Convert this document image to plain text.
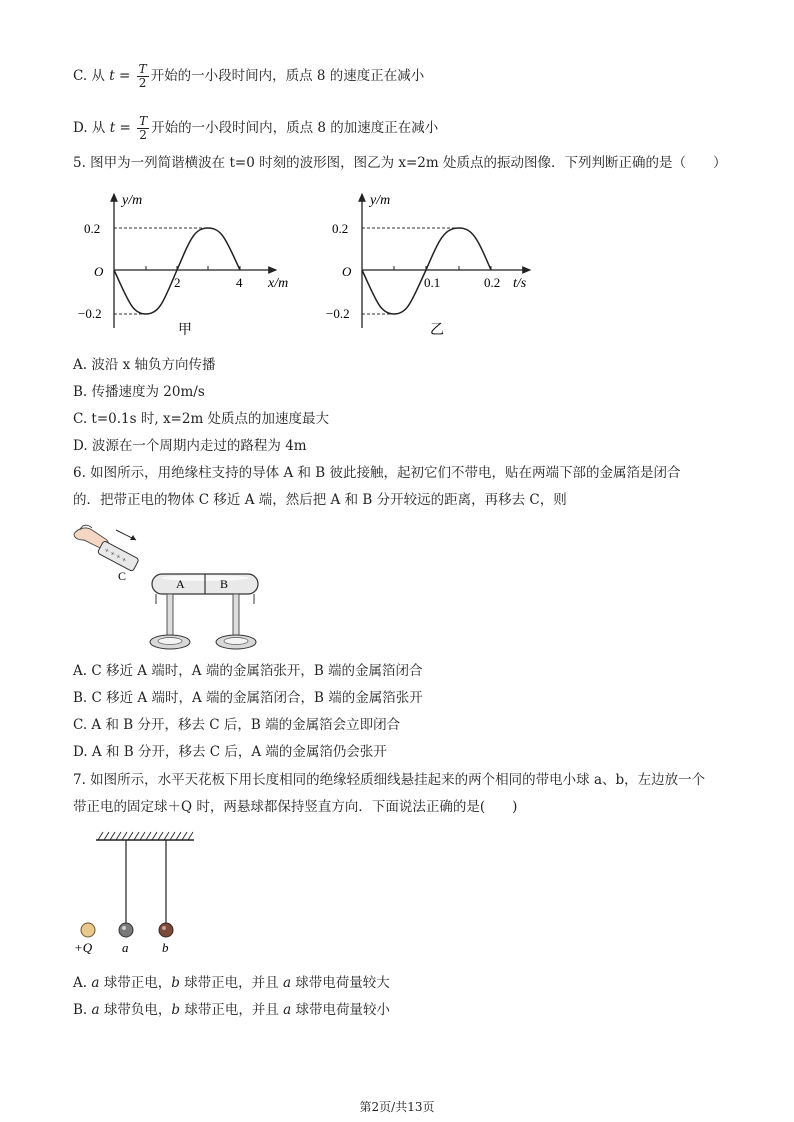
C. 从 $t = \frac{T}{2}$ 开始的一小段时间内，质点 8 的速度正在减小
D. 从 $t = \frac{T}{2}$ 开始的一小段时间内，质点 8 的加速度正在减小
5. 图甲为一列简谐横波在 t=0 时刻的波形图，图乙为 x=2m 处质点的振动图像．下列判断正确的是（　　）
y/m
0.2
O
−0.2
2	4 x/m
甲
y/m
0.2
O
−0.2
0.1	0.2 t/s
乙
A. 波沿 x 轴负方向传播
B. 传播速度为 20m/s
C. t=0.1s 时, x=2m 处质点的加速度最大
D. 波源在一个周期内走过的路程为 4m
6. 如图所示，用绝缘柱支持的导体 A 和 B 彼此接触，起初它们不带电，贴在两端下部的金属箔是闭合
的．把带正电的物体 C 移近 A 端，然后把 A 和 B 分开较远的距离，再移去 C，则
+ + + +
C
A	B
A. C 移近 A 端时，A 端的金属箔张开，B 端的金属箔闭合
B. C 移近 A 端时，A 端的金属箔闭合，B 端的金属箔张开
C. A 和 B 分开，移去 C 后，B 端的金属箔会立即闭合
D. A 和 B 分开，移去 C 后，A 端的金属箔仍会张开
7. 如图所示，水平天花板下用长度相同的绝缘轻质细线悬挂起来的两个相同的带电小球 a、b，左边放一个
带正电的固定球＋Q 时，两悬球都保持竖直方向．下面说法正确的是(　　)
+Q a	b
A. a 球带正电，b 球带正电，并且 a 球带电荷量较大
B. a 球带负电，b 球带正电，并且 a 球带电荷量较小
第2页/共13页
